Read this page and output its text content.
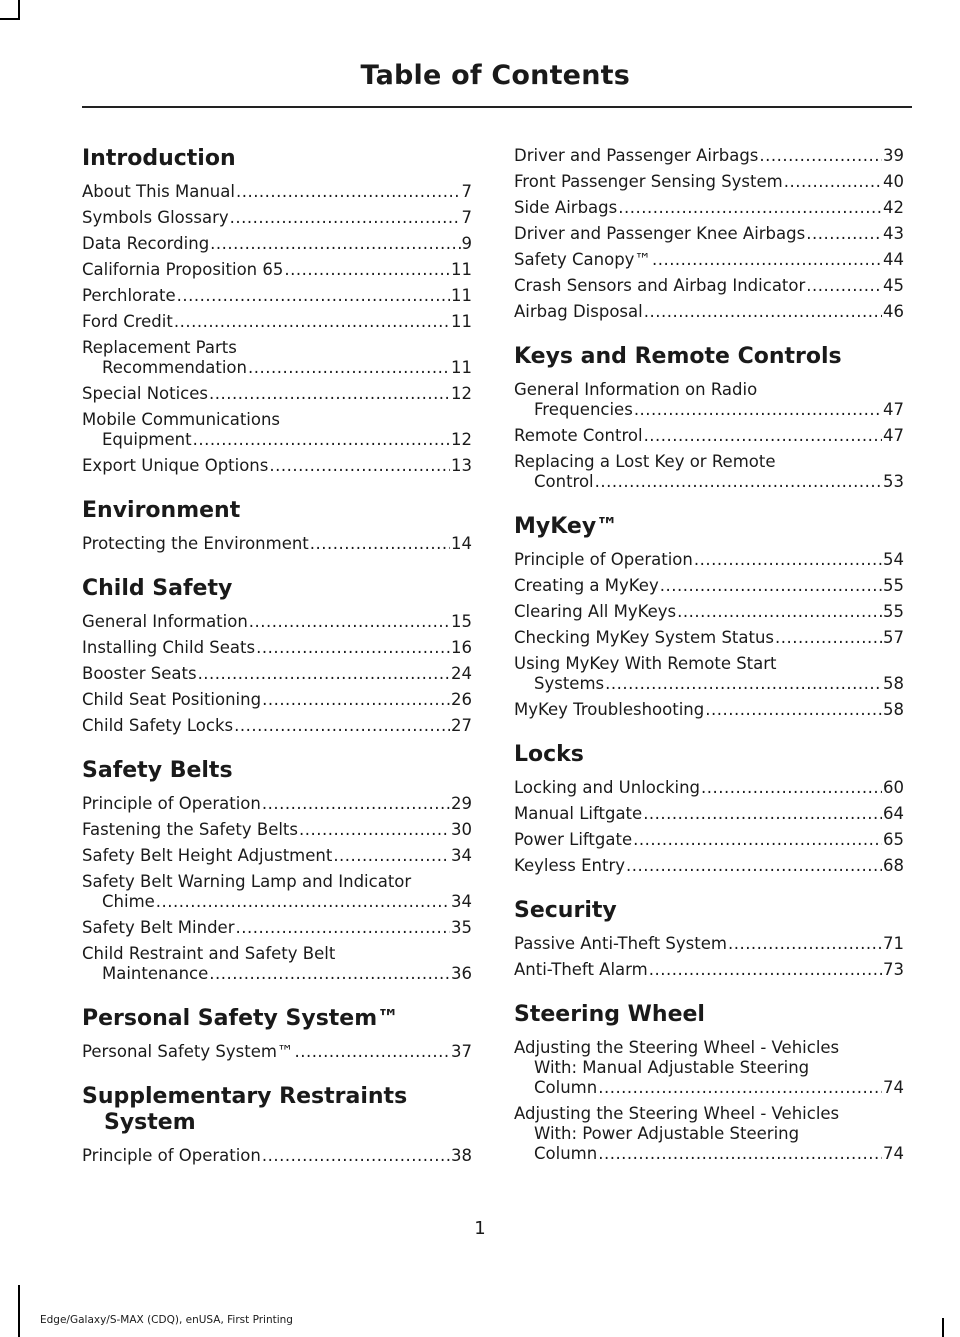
Table of Contents
Introduction
About This Manual .....	7
Symbols Glossary .....	7
Data Recording .....	9
California Proposition 65 .....	11
Perchlorate .....	11
Ford Credit .....	11
Replacement Parts
Recommendation .....	11
Special Notices .....	12
Mobile Communications
Equipment .....	12
Export Unique Options .....	13
Environment
Protecting the Environment .....	14
Child Safety
General Information .....	15
Installing Child Seats .....	16
Booster Seats .....	24
Child Seat Positioning .....	26
Child Safety Locks .....	27
Safety Belts
Principle of Operation .....	29
Fastening the Safety Belts .....	30
Safety Belt Height Adjustment .....	34
Safety Belt Warning Lamp and Indicator
Chime .....	34
Safety Belt Minder .....	35
Child Restraint and Safety Belt
Maintenance .....	36
Personal Safety System™
Personal Safety System™ .....	37
Supplementary Restraints
System
Principle of Operation .....	38
Driver and Passenger Airbags .....	39
Front Passenger Sensing System .....	40
Side Airbags .....	42
Driver and Passenger Knee Airbags .....	43
Safety Canopy™ .....	44
Crash Sensors and Airbag Indicator .....	45
Airbag Disposal .....	46
Keys and Remote Controls
General Information on Radio
Frequencies .....	47
Remote Control .....	47
Replacing a Lost Key or Remote
Control .....	53
MyKey™
Principle of Operation .....	54
Creating a MyKey .....	55
Clearing All MyKeys .....	55
Checking MyKey System Status .....	57
Using MyKey With Remote Start
Systems .....	58
MyKey Troubleshooting .....	58
Locks
Locking and Unlocking .....	60
Manual Liftgate .....	64
Power Liftgate .....	65
Keyless Entry .....	68
Security
Passive Anti-Theft System .....	71
Anti-Theft Alarm .....	73
Steering Wheel
Adjusting the Steering Wheel - Vehicles
With: Manual Adjustable Steering
Column .....	74
Adjusting the Steering Wheel - Vehicles
With: Power Adjustable Steering
Column .....	74
1
Edge/Galaxy/S-MAX (CDQ), enUSA, First Printing
